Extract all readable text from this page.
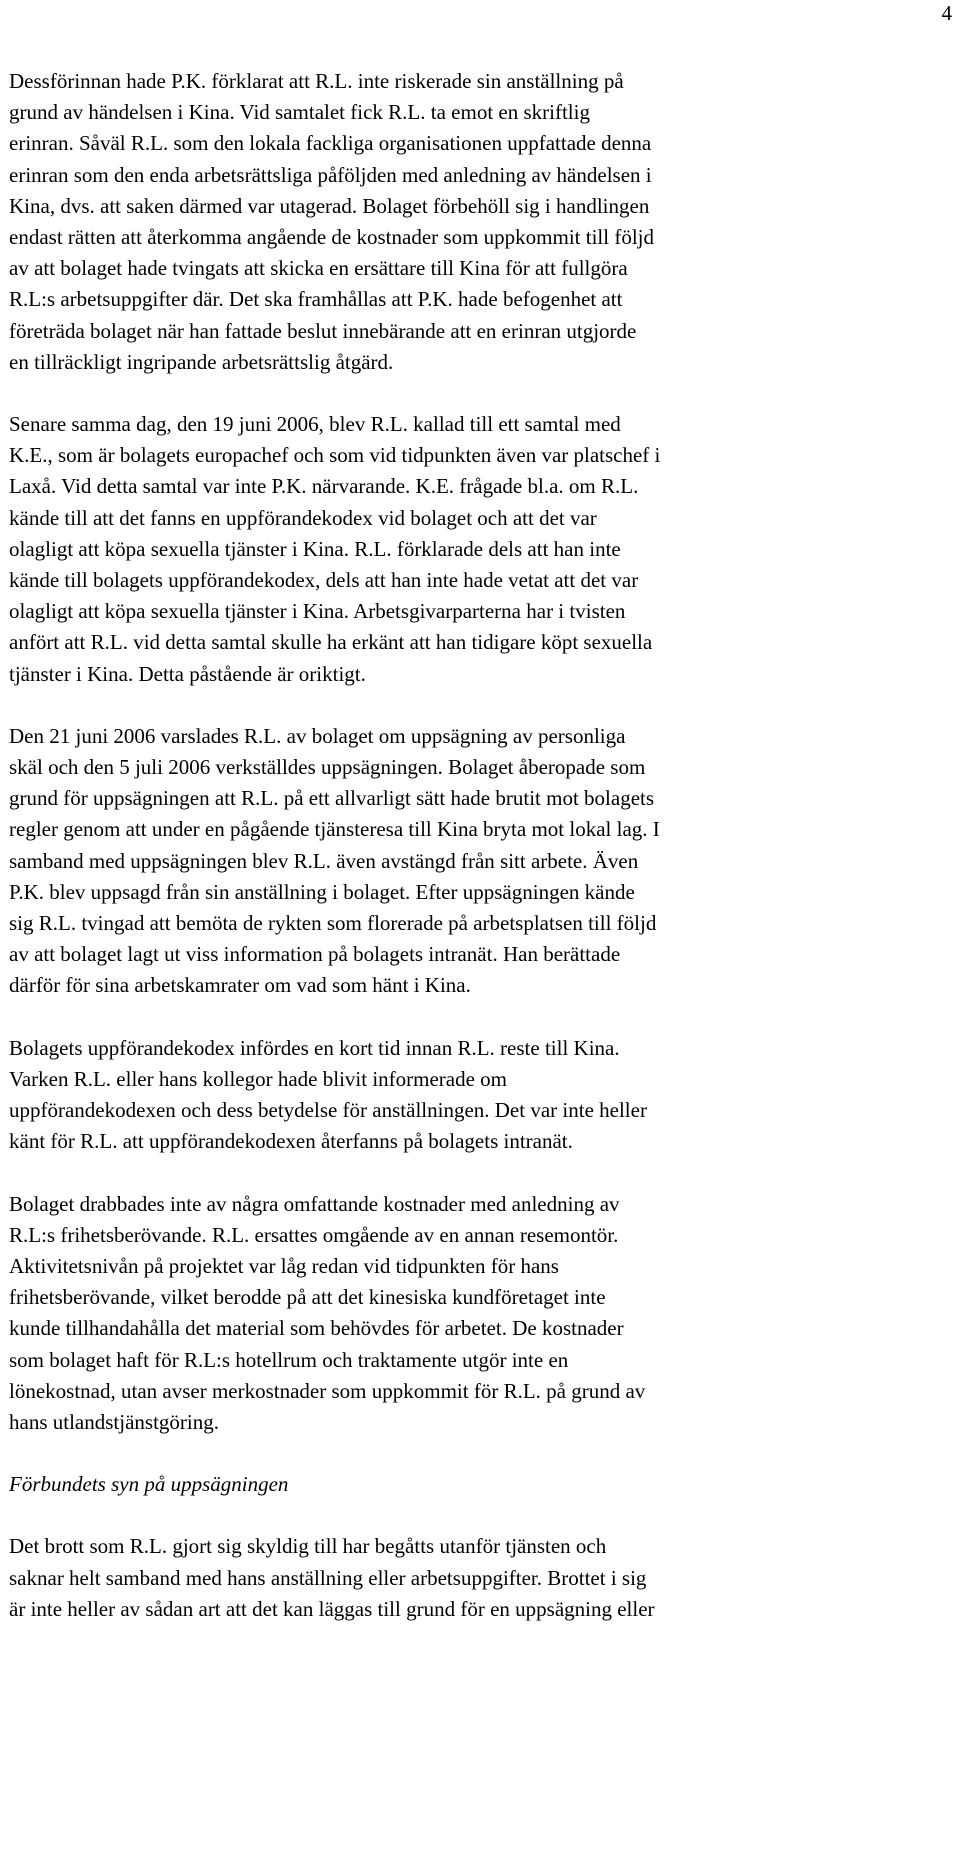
4

Dessförinnan hade P.K. förklarat att R.L. inte riskerade sin anställning på
grund av händelsen i Kina. Vid samtalet fick R.L. ta emot en skriftlig
erinran. Såväl R.L. som den lokala fackliga organisationen uppfattade denna
erinran som den enda arbetsrättsliga påföljden med anledning av händelsen i
Kina, dvs. att saken därmed var utagerad. Bolaget förbehöll sig i handlingen
endast rätten att återkomma angående de kostnader som uppkommit till följd
av att bolaget hade tvingats att skicka en ersättare till Kina för att fullgöra
R.L:s arbetsuppgifter där. Det ska framhållas att P.K. hade befogenhet att
företräda bolaget när han fattade beslut innebärande att en erinran utgjorde
en tillräckligt ingripande arbetsrättslig åtgärd.

Senare samma dag, den 19 juni 2006, blev R.L. kallad till ett samtal med
K.E., som är bolagets europachef och som vid tidpunkten även var platschef i
Laxå. Vid detta samtal var inte P.K. närvarande. K.E. frågade bl.a. om R.L.
kände till att det fanns en uppförandekodex vid bolaget och att det var
olagligt att köpa sexuella tjänster i Kina. R.L. förklarade dels att han inte
kände till bolagets uppförandekodex, dels att han inte hade vetat att det var
olagligt att köpa sexuella tjänster i Kina. Arbetsgivarparterna har i tvisten
anfört att R.L. vid detta samtal skulle ha erkänt att han tidigare köpt sexuella
tjänster i Kina. Detta påstående är oriktigt.

Den 21 juni 2006 varslades R.L. av bolaget om uppsägning av personliga
skäl och den 5 juli 2006 verkställdes uppsägningen. Bolaget åberopade som
grund för uppsägningen att R.L. på ett allvarligt sätt hade brutit mot bolagets
regler genom att under en pågående tjänsteresa till Kina bryta mot lokal lag. I
samband med uppsägningen blev R.L. även avstängd från sitt arbete. Även
P.K. blev uppsagd från sin anställning i bolaget. Efter uppsägningen kände
sig R.L. tvingad att bemöta de rykten som florerade på arbetsplatsen till följd
av att bolaget lagt ut viss information på bolagets intranät. Han berättade
därför för sina arbetskamrater om vad som hänt i Kina.

Bolagets uppförandekodex infördes en kort tid innan R.L. reste till Kina.
Varken R.L. eller hans kollegor hade blivit informerade om
uppförandekodexen och dess betydelse för anställningen. Det var inte heller
känt för R.L. att uppförandekodexen återfanns på bolagets intranät.

Bolaget drabbades inte av några omfattande kostnader med anledning av
R.L:s frihetsberövande. R.L. ersattes omgående av en annan resemontör.
Aktivitetsnivån på projektet var låg redan vid tidpunkten för hans
frihetsberövande, vilket berodde på att det kinesiska kundföretaget inte
kunde tillhandahålla det material som behövdes för arbetet. De kostnader
som bolaget haft för R.L:s hotellrum och traktamente utgör inte en
lönekostnad, utan avser merkostnader som uppkommit för R.L. på grund av
hans utlandstjänstgöring.

Förbundets syn på uppsägningen

Det brott som R.L. gjort sig skyldig till har begåtts utanför tjänsten och
saknar helt samband med hans anställning eller arbetsuppgifter. Brottet i sig
är inte heller av sådan art att det kan läggas till grund för en uppsägning eller
